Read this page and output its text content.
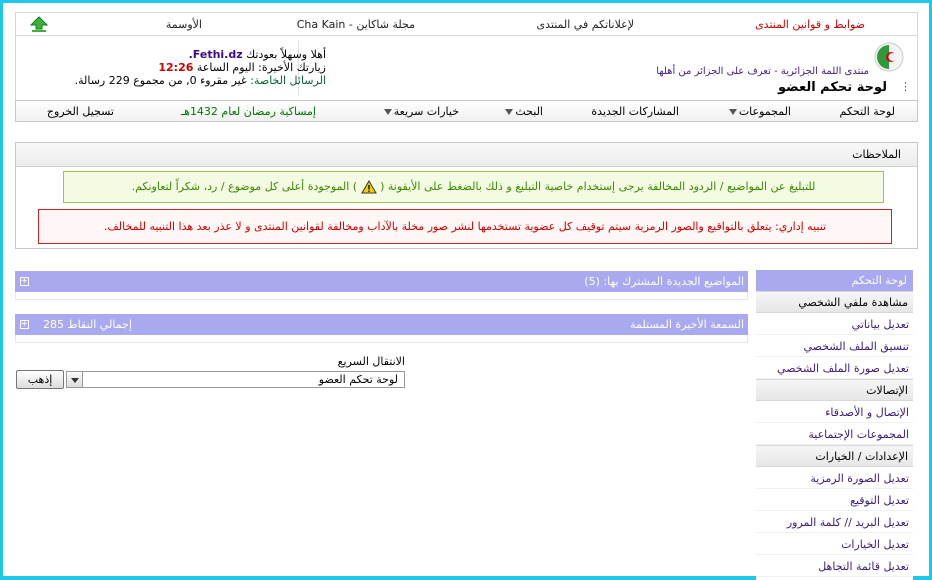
ضوابط و قوانين المنتدى
لإعلاناتكم في المنتدى
مجلة شاكاين - Cha Kain
الأوسمة
منتدى اللمة الجزائرية - تعرف على الجزائر من أهلها
لوحة تحكم العضو ⋮
أهلا وسهلاً بعودتك Fethi.dz.
زيارتك الأخيرة: اليوم الساعة 12:26
الرسائل الخاصة: غير مقروء 0, من مجموع 229 رسالة.
لوحة التحكم
المجموعات
المشاركات الجديدة
البحث
خيارات سريعة
إمساكية رمضان لعام 1432هـ
تسجيل الخروج
الملاحظات
للتبليغ عن المواضيع / الردود المخالفة يرجى إستخدام خاصية التبليغ و ذلك بالضغط على الأيقونة (  ) الموجودة أعلى كل موضوع / رد، شكراً لتعاونكم.
تنبيه إداري: يتعلق بالتواقيع والصور الرمزية سيتم توقيف كل عضوية تستخدمها لنشر صور مخلة بالآداب ومخالفة لقوانين المنتدى و لا عذر بعد هذا التنبيه للمخالف.
المواضيع الجديدة المشترك بها: (5)
+
السمعة الأخيرة المستلمة
إجمالي النقاط 285
+
الانتقال السريع
لوحة تحكم العضو
إذهب
لوحة التحكم
مشاهدة ملفي الشخصي
تعديل بياناتي
تنسيق الملف الشخصي
تعديل صورة الملف الشخصي
الإتصالات
الإتصال و الأصدقاء
المجموعات الإجتماعية
الإعدادات / الخيارات
تعديل الصورة الرمزية
تعديل التوقيع
تعديل البريد // كلمة المرور
تعديل الخيارات
تعديل قائمة التجاهل
